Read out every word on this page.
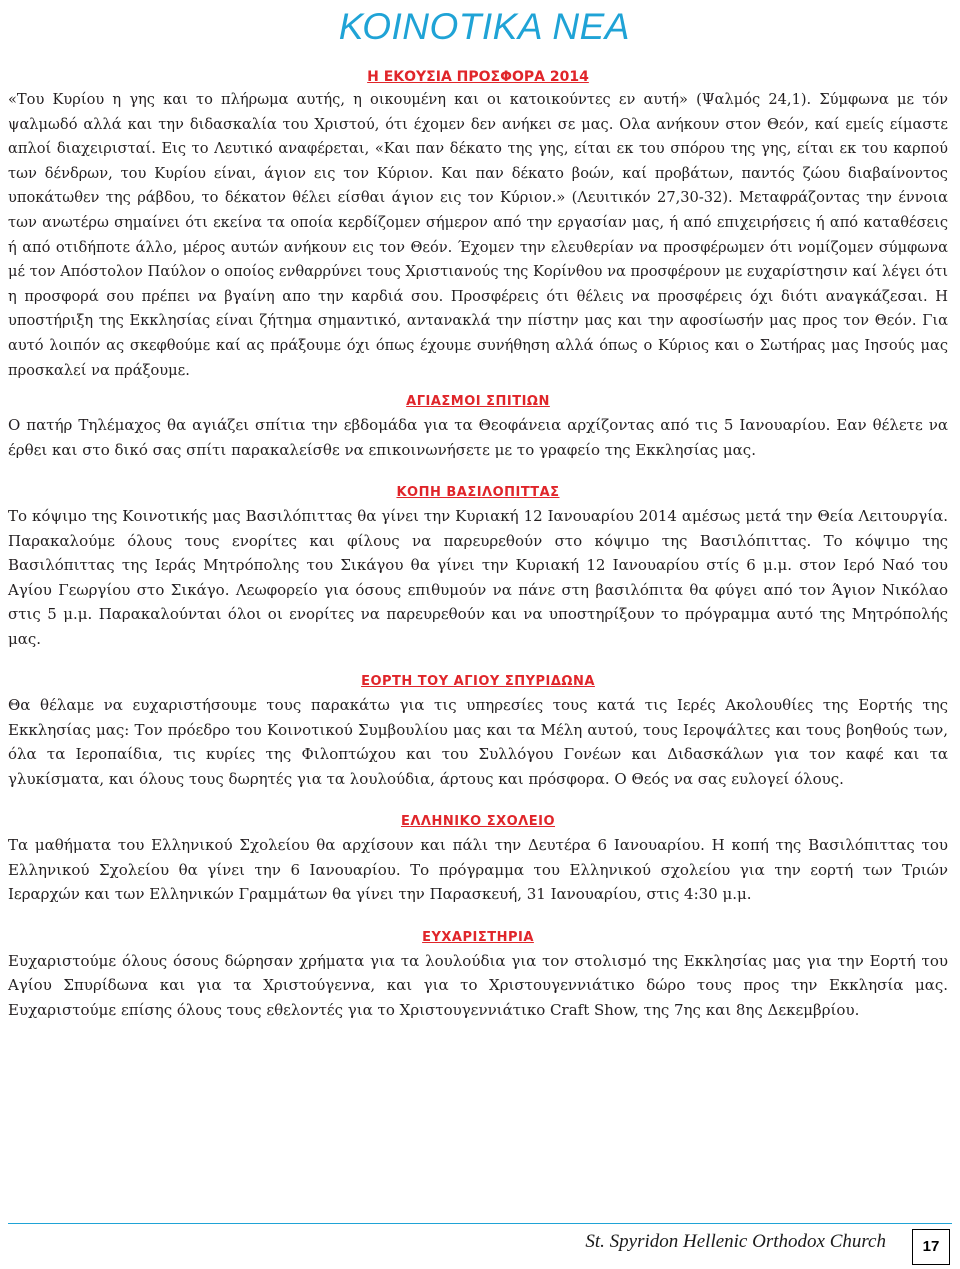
ΚΟΙΝΟΤΙΚΑ ΝΕΑ
Η ΕΚΟΥΣΙΑ ΠΡΟΣΦΟΡΑ 2014

«Του Κυρίου η γης και το πλήρωμα αυτής, η οικουμένη και οι κατοικούντες εν αυτή» (Ψαλμός 24,1). Σύμφωνα με τόν ψαλμωδό αλλά και την διδασκαλία του Χριστού, ότι έχομεν δεν ανήκει σε μας. Ολα ανήκουν στον Θεόν, καί εμείς είμαστε απλοί διαχειρισταί. Εις το Λευτικό αναφέρεται, «Και παν δέκατο της γης, είται εκ του σπόρου της γης, είται εκ του καρπού των δένδρων, του Κυρίου είναι, άγιον εις τον Κύριον. Και παν δέκατο βοών, καί προβάτων, παντός ζώου διαβαίνοντος υποκάτωθεν της ράβδου, το δέκατον θέλει είσθαι άγιον εις τον Κύριον.» (Λευιτικόν 27,30-32). Μεταφράζοντας την έννοια των ανωτέρω σημαίνει ότι εκείνα τα οποία κερδίζομεν σήμερον από την εργασίαν μας, ή από επιχειρήσεις ή από καταθέσεις ή από οτιδήποτε άλλο, μέρος αυτών ανήκουν εις τον Θεόν. Έχομεν την ελευθερίαν να προσφέρωμεν ότι νομίζομεν σύμφωνα μέ τον Απόστολον Παύλον ο οποίος ενθαρρύνει τους Χριστιανούς της Κορίνθου να προσφέρουν με ευχαρίστησιν καί λέγει ότι η προσφορά σου πρέπει να βγαίνη απο την καρδιά σου. Προσφέρεις ότι θέλεις να προσφέρεις όχι διότι αναγκάζεσαι. Η υποστήριξη της Εκκλησίας είναι ζήτημα σημαντικό, αντανακλά την πίστην μας και την αφοσίωσήν μας προς τον Θεόν. Για αυτό λοιπόν ας σκεφθούμε καί ας πράξουμε όχι όπως έχουμε συνήθηση αλλά όπως ο Κύριος και ο Σωτήρας μας Ιησούς μας προσκαλεί να πράξουμε.

ΑΓΙΑΣΜΟΙ ΣΠΙΤΙΩΝ

Ο πατήρ Τηλέμαχος θα αγιάζει σπίτια την εβδομάδα για τα Θεοφάνεια αρχίζοντας από τις 5 Ιανουαρίου. Εαν θέλετε να έρθει και στο δικό σας σπίτι παρακαλείσθε να επικοινωνήσετε με το γραφείο της Εκκλησίας μας.

ΚΟΠΗ ΒΑΣΙΛΟΠΙΤΤΑΣ

Το κόψιμο της Κοινοτικής μας Βασιλόπιττας θα γίνει την Κυριακή 12 Ιανουαρίου 2014 αμέσως μετά την Θεία Λειτουργία. Παρακαλούμε όλους τους ενορίτες και φίλους να παρευρεθούν στο κόψιμο της Βασιλόπιττας. Το κόψιμο της Βασιλόπιττας της Ιεράς Μητρόπολης του Σικάγου θα γίνει την Κυριακή 12 Ιανουαρίου στίς 6 μ.μ. στον Ιερό Ναό του Αγίου Γεωργίου στο Σικάγο. Λεωφορείο για όσους επιθυμούν να πάνε στη βασιλόπιτα θα φύγει από τον Άγιον Νικόλαο στις 5 μ.μ. Παρακαλούνται όλοι οι ενορίτες να παρευρεθούν και να υποστηρίξουν το πρόγραμμα αυτό της Μητρόπολής μας.

ΕΟΡΤΗ ΤΟΥ ΑΓΙΟΥ ΣΠΥΡΙΔΩΝΑ

Θα θέλαμε να ευχαριστήσουμε τους παρακάτω για τις υπηρεσίες τους κατά τις Ιερές Ακολουθίες της Εορτής της Εκκλησίας μας: Τον πρόεδρο του Κοινοτικού Συμβουλίου μας και τα Μέλη αυτού, τους Ιεροψάλτες και τους βοηθούς των, όλα τα Ιεροπαίδια, τις κυρίες της Φιλοπτώχου και του Συλλόγου Γονέων και Διδασκάλων για τον καφέ και τα γλυκίσματα, και όλους τους δωρητές για τα λουλούδια, άρτους και πρόσφορα. Ο Θεός να σας ευλογεί όλους.

ΕΛΛΗΝΙΚΟ ΣΧΟΛΕΙΟ

Τα μαθήματα του Ελληνικού Σχολείου θα αρχίσουν και πάλι την Δευτέρα 6 Ιανουαρίου. Η κοπή της Βασιλόπιττας του Ελληνικού Σχολείου θα γίνει την 6 Ιανουαρίου. Το πρόγραμμα του Ελληνικού σχολείου για την εορτή των Τριών Ιεραρχών και των Ελληνικών Γραμμάτων θα γίνει την Παρασκευή, 31 Ιανουαρίου, στις 4:30 μ.μ.

ΕΥΧΑΡΙΣΤΗΡΙΑ

Ευχαριστούμε όλους όσους δώρησαν χρήματα για τα λουλούδια για τον στολισμό της Εκκλησίας μας για την Εορτή του Αγίου Σπυρίδωνα και για τα Χριστούγεννα, και για το Χριστουγεννιάτικο δώρο τους προς την Εκκλησία μας. Ευχαριστούμε επίσης όλους τους εθελοντές για το Χριστουγεννιάτικο Craft Show, της 7ης και 8ης Δεκεμβρίου.

St. Spyridon Hellenic Orthodox Church	17
